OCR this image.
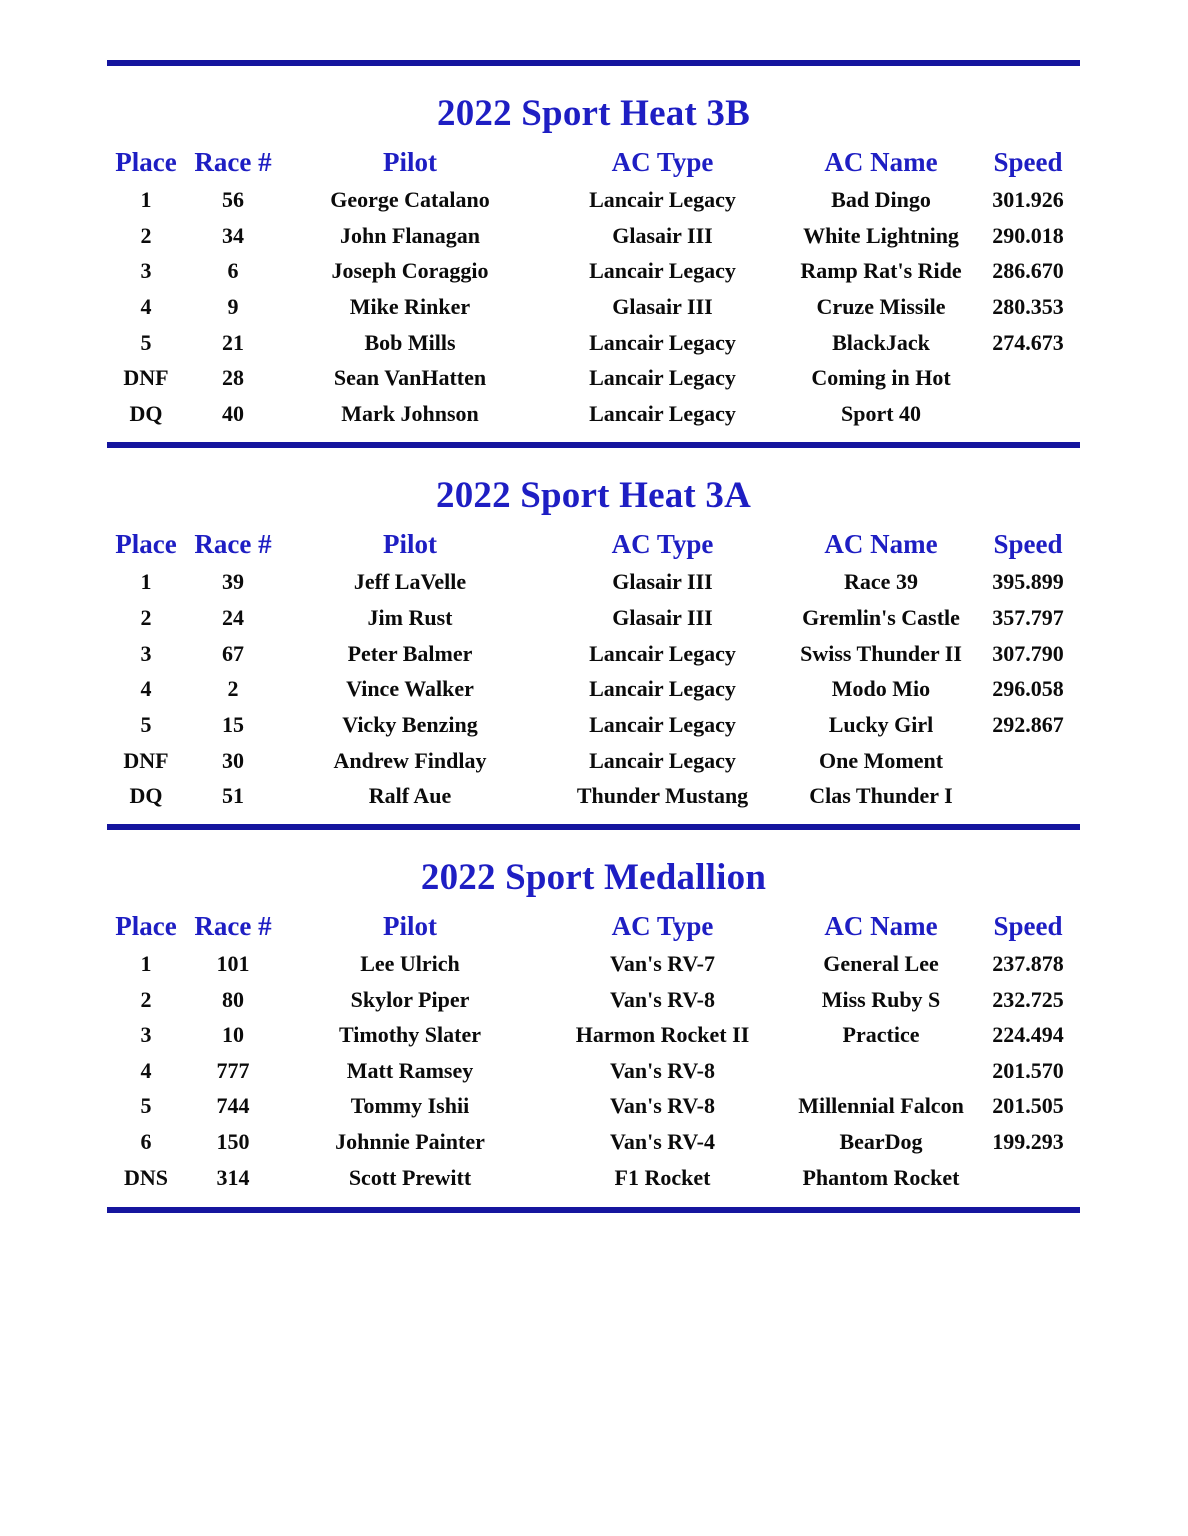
2022 Sport Heat 3B
Place	Race #	Pilot	AC Type	AC Name	Speed
1	56	George Catalano	Lancair Legacy	Bad Dingo	301.926
2	34	John Flanagan	Glasair III	White Lightning	290.018
3	6	Joseph Coraggio	Lancair Legacy	Ramp Rat's Ride	286.670
4	9	Mike Rinker	Glasair III	Cruze Missile	280.353
5	21	Bob Mills	Lancair Legacy	BlackJack	274.673
DNF	28	Sean VanHatten	Lancair Legacy	Coming in Hot	
DQ	40	Mark Johnson	Lancair Legacy	Sport 40	
2022 Sport Heat 3A
Place	Race #	Pilot	AC Type	AC Name	Speed
1	39	Jeff LaVelle	Glasair III	Race 39	395.899
2	24	Jim Rust	Glasair III	Gremlin's Castle	357.797
3	67	Peter Balmer	Lancair Legacy	Swiss Thunder II	307.790
4	2	Vince Walker	Lancair Legacy	Modo Mio	296.058
5	15	Vicky Benzing	Lancair Legacy	Lucky Girl	292.867
DNF	30	Andrew Findlay	Lancair Legacy	One Moment	
DQ	51	Ralf Aue	Thunder Mustang	Clas Thunder I	
2022 Sport Medallion
Place	Race #	Pilot	AC Type	AC Name	Speed
1	101	Lee Ulrich	Van's RV-7	General Lee	237.878
2	80	Skylor Piper	Van's RV-8	Miss Ruby S	232.725
3	10	Timothy Slater	Harmon Rocket II	Practice	224.494
4	777	Matt Ramsey	Van's RV-8		201.570
5	744	Tommy Ishii	Van's RV-8	Millennial Falcon	201.505
6	150	Johnnie Painter	Van's RV-4	BearDog	199.293
DNS	314	Scott Prewitt	F1 Rocket	Phantom Rocket	
